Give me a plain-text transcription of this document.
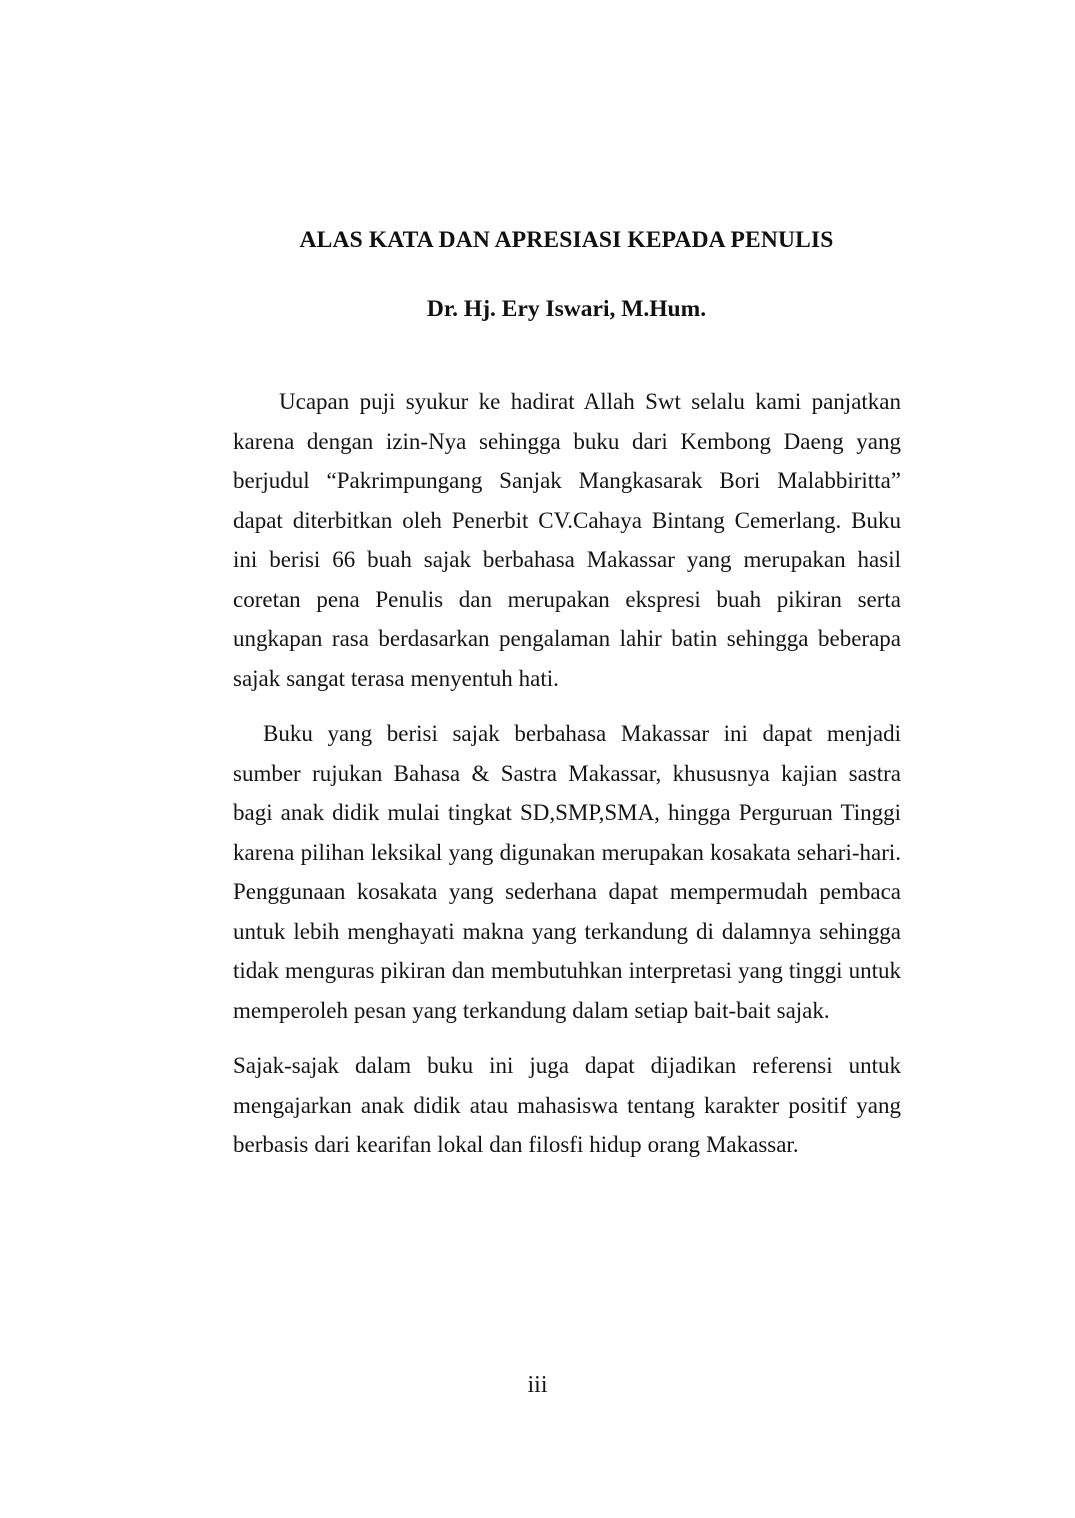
ALAS KATA DAN APRESIASI KEPADA PENULIS
Dr. Hj. Ery Iswari, M.Hum.

Ucapan puji syukur ke hadirat Allah Swt selalu kami panjatkan karena dengan izin-Nya sehingga buku dari Kembong Daeng yang berjudul “Pakrimpungang Sanjak Mangkasarak Bori Malabbiritta” dapat diterbitkan oleh Penerbit CV.Cahaya Bintang Cemerlang. Buku ini berisi 66 buah sajak berbahasa Makassar yang merupakan hasil coretan pena Penulis dan merupakan ekspresi buah pikiran serta ungkapan rasa berdasarkan pengalaman lahir batin sehingga beberapa sajak sangat terasa menyentuh hati.

Buku yang berisi sajak berbahasa Makassar ini dapat menjadi sumber rujukan Bahasa & Sastra Makassar, khususnya kajian sastra bagi anak didik mulai tingkat SD,SMP,SMA, hingga Perguruan Tinggi karena pilihan leksikal yang digunakan merupakan kosakata sehari-hari. Penggunaan kosakata yang sederhana dapat mempermudah pembaca untuk lebih menghayati makna yang terkandung di dalamnya sehingga tidak menguras pikiran dan membutuhkan interpretasi yang tinggi untuk memperoleh pesan yang terkandung dalam setiap bait-bait sajak.

Sajak-sajak dalam buku ini juga dapat dijadikan referensi untuk mengajarkan anak didik atau mahasiswa tentang karakter positif yang berbasis dari kearifan lokal dan filosfi hidup orang Makassar.

iii
